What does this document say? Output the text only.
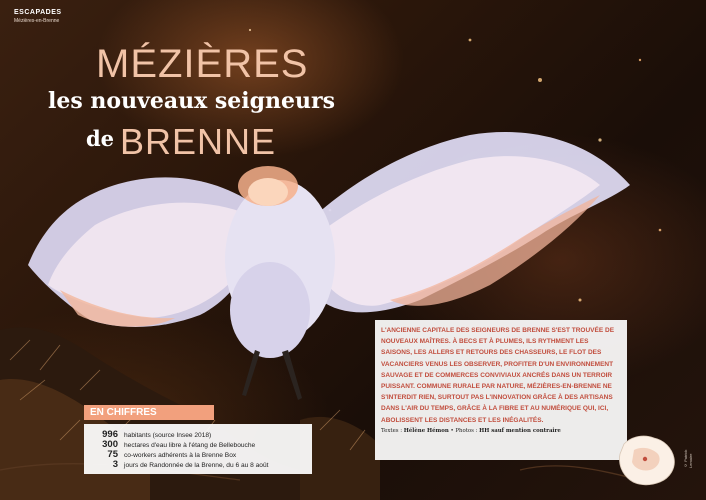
ESCAPADES
Mézières-en-Brenne
MÉZIÈRES
les nouveaux seigneurs
de BRENNE

L'ANCIENNE CAPITALE DES SEIGNEURS DE BRENNE S'EST TROUVÉE DE NOUVEAUX MAÎTRES. À BECS ET À PLUMES, ILS RYTHMENT LES SAISONS, LES ALLERS ET RETOURS DES CHASSEURS, LE FLOT DES VACANCIERS VENUS LES OBSERVER, PROFITER D'UN ENVIRONNEMENT SAUVAGE ET DE COMMERCES CONVIVIAUX ANCRÉS DANS UN TERROIR PUISSANT. COMMUNE RURALE PAR NATURE, MÉZIÈRES-EN-BRENNE NE S'INTERDIT RIEN, SURTOUT PAS L'INNOVATION GRÂCE À DES ARTISANS DANS L'AIR DU TEMPS, GRÂCE À LA FIBRE ET AU NUMÉRIQUE QUI, ICI, ABOLISSENT LES DISTANCES ET LES INÉGALITÉS.

Textes : Hélène Hémon • Photos : HH sauf mention contraire
EN CHIFFRES
996 habitants (source Insee 2018)
300 hectares d'eau libre à l'étang de Bellebouche
75 co-workers adhérents à la Brenne Box
3 jours de Randonnée de la Brenne, du 6 au 8 août	© Patrick Lemaire
